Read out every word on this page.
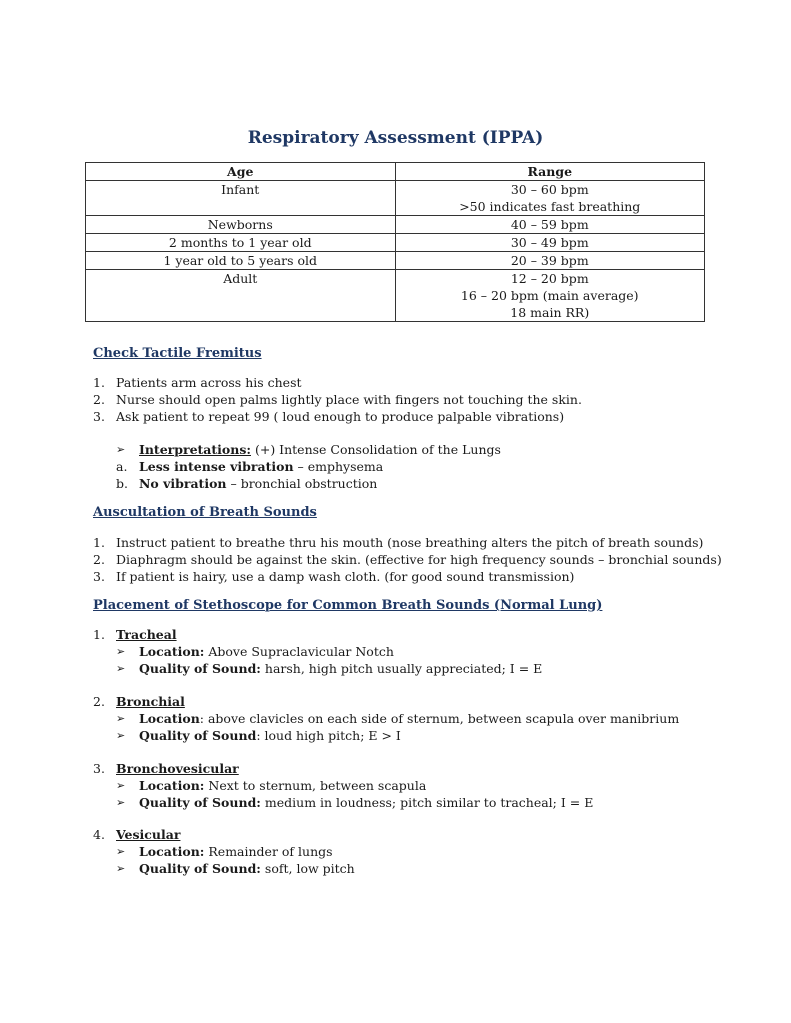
Respiratory Assessment (IPPA)
Age	Range
Infant	30 – 60 bpm
>50 indicates fast breathing

Newborns	40 – 59 bpm

2 months to 1 year old	30 – 49 bpm

1 year old to 5 years old	20 – 39 bpm

Adult	12 – 20 bpm
16 – 20 bpm (main average)
18 main RR)
Check Tactile Fremitus
1. Patients arm across his chest
2. Nurse should open palms lightly place with fingers not touching the skin.
3. Ask patient to repeat 99 ( loud enough to produce palpable vibrations)
➢ Interpretations: (+) Intense Consolidation of the Lungs
a. Less intense vibration – emphysema
b. No vibration – bronchial obstruction
Auscultation of Breath Sounds
1. Instruct patient to breathe thru his mouth (nose breathing alters the pitch of breath sounds)
2. Diaphragm should be against the skin. (effective for high frequency sounds – bronchial sounds)
3. If patient is hairy, use a damp wash cloth. (for good sound transmission)
Placement of Stethoscope for Common Breath Sounds (Normal Lung)
1. Tracheal
➢ Location: Above Supraclavicular Notch
➢ Quality of Sound: harsh, high pitch usually appreciated; I = E
2. Bronchial
➢ Location: above clavicles on each side of sternum, between scapula over manibrium
➢ Quality of Sound: loud high pitch; E > I
3. Bronchovesicular
➢ Location: Next to sternum, between scapula
➢ Quality of Sound: medium in loudness; pitch similar to tracheal; I = E
4. Vesicular
➢ Location: Remainder of lungs
➢ Quality of Sound: soft, low pitch
